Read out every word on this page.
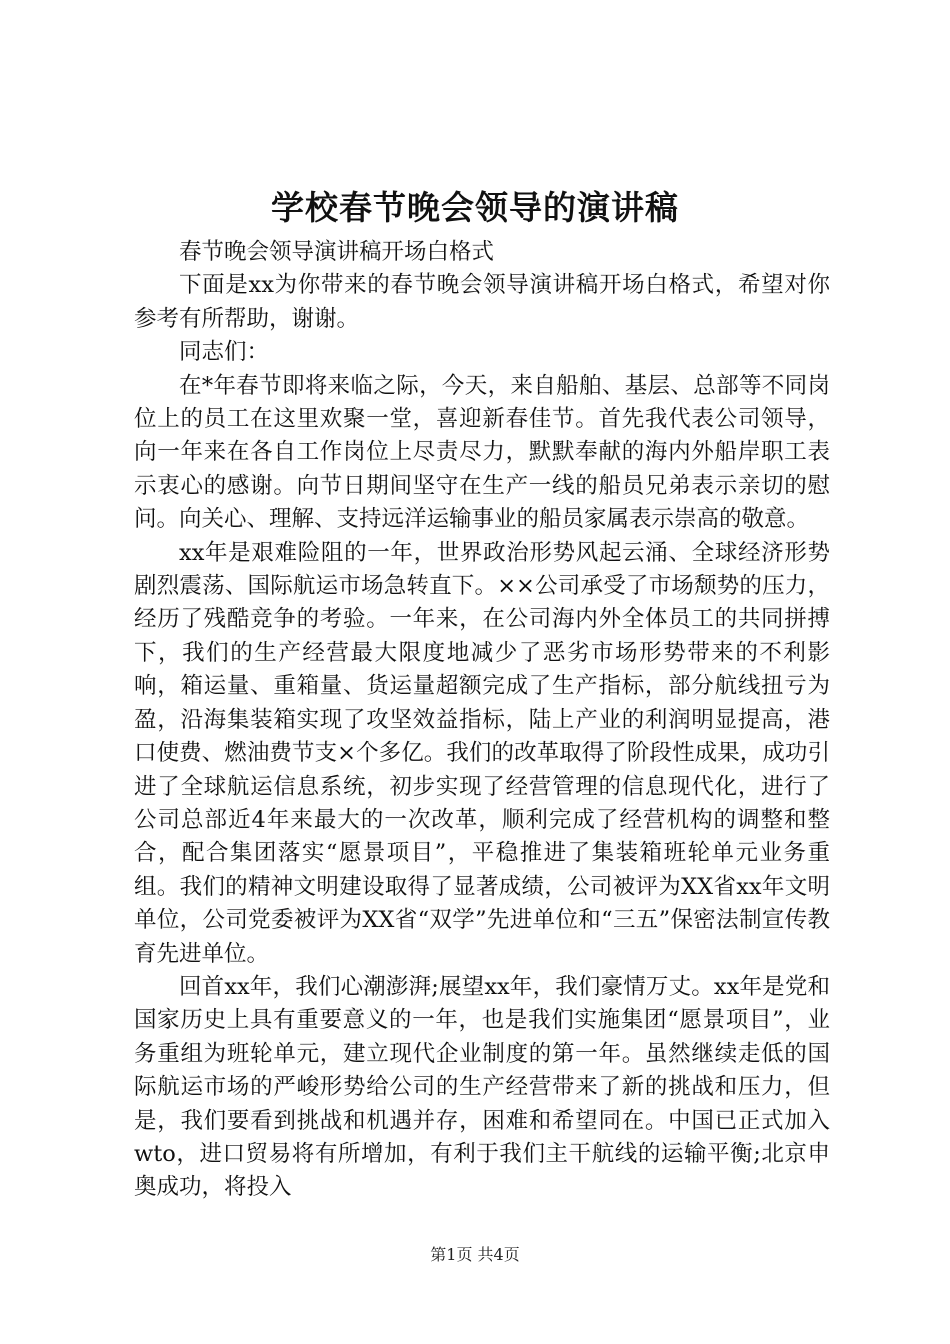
学校春节晚会领导的演讲稿

春节晚会领导演讲稿开场白格式

下面是xx为你带来的春节晚会领导演讲稿开场白格式，希望对你参考有所帮助，谢谢。

同志们：

在*年春节即将来临之际，今天，来自船舶、基层、总部等不同岗位上的员工在这里欢聚一堂，喜迎新春佳节。首先我代表公司领导，向一年来在各自工作岗位上尽责尽力，默默奉献的海内外船岸职工表示衷心的感谢。向节日期间坚守在生产一线的船员兄弟表示亲切的慰问。向关心、理解、支持远洋运输事业的船员家属表示崇高的敬意。

xx年是艰难险阻的一年，世界政治形势风起云涌、全球经济形势剧烈震荡、国际航运市场急转直下。××公司承受了市场颓势的压力，经历了残酷竞争的考验。一年来，在公司海内外全体员工的共同拼搏下，我们的生产经营最大限度地减少了恶劣市场形势带来的不利影响，箱运量、重箱量、货运量超额完成了生产指标，部分航线扭亏为盈，沿海集装箱实现了攻坚效益指标，陆上产业的利润明显提高，港口使费、燃油费节支×个多亿。我们的改革取得了阶段性成果，成功引进了全球航运信息系统，初步实现了经营管理的信息现代化，进行了公司总部近4年来最大的一次改革，顺利完成了经营机构的调整和整合，配合集团落实“愿景项目”，平稳推进了集装箱班轮单元业务重组。我们的精神文明建设取得了显著成绩，公司被评为XX省xx年文明单位，公司党委被评为XX省“双学”先进单位和“三五”保密法制宣传教育先进单位。

回首xx年，我们心潮澎湃;展望xx年，我们豪情万丈。xx年是党和国家历史上具有重要意义的一年，也是我们实施集团“愿景项目”，业务重组为班轮单元，建立现代企业制度的第一年。虽然继续走低的国际航运市场的严峻形势给公司的生产经营带来了新的挑战和压力，但是，我们要看到挑战和机遇并存，困难和希望同在。中国已正式加入wto，进口贸易将有所增加，有利于我们主干航线的运输平衡;北京申奥成功，将投入

第1页 共4页
